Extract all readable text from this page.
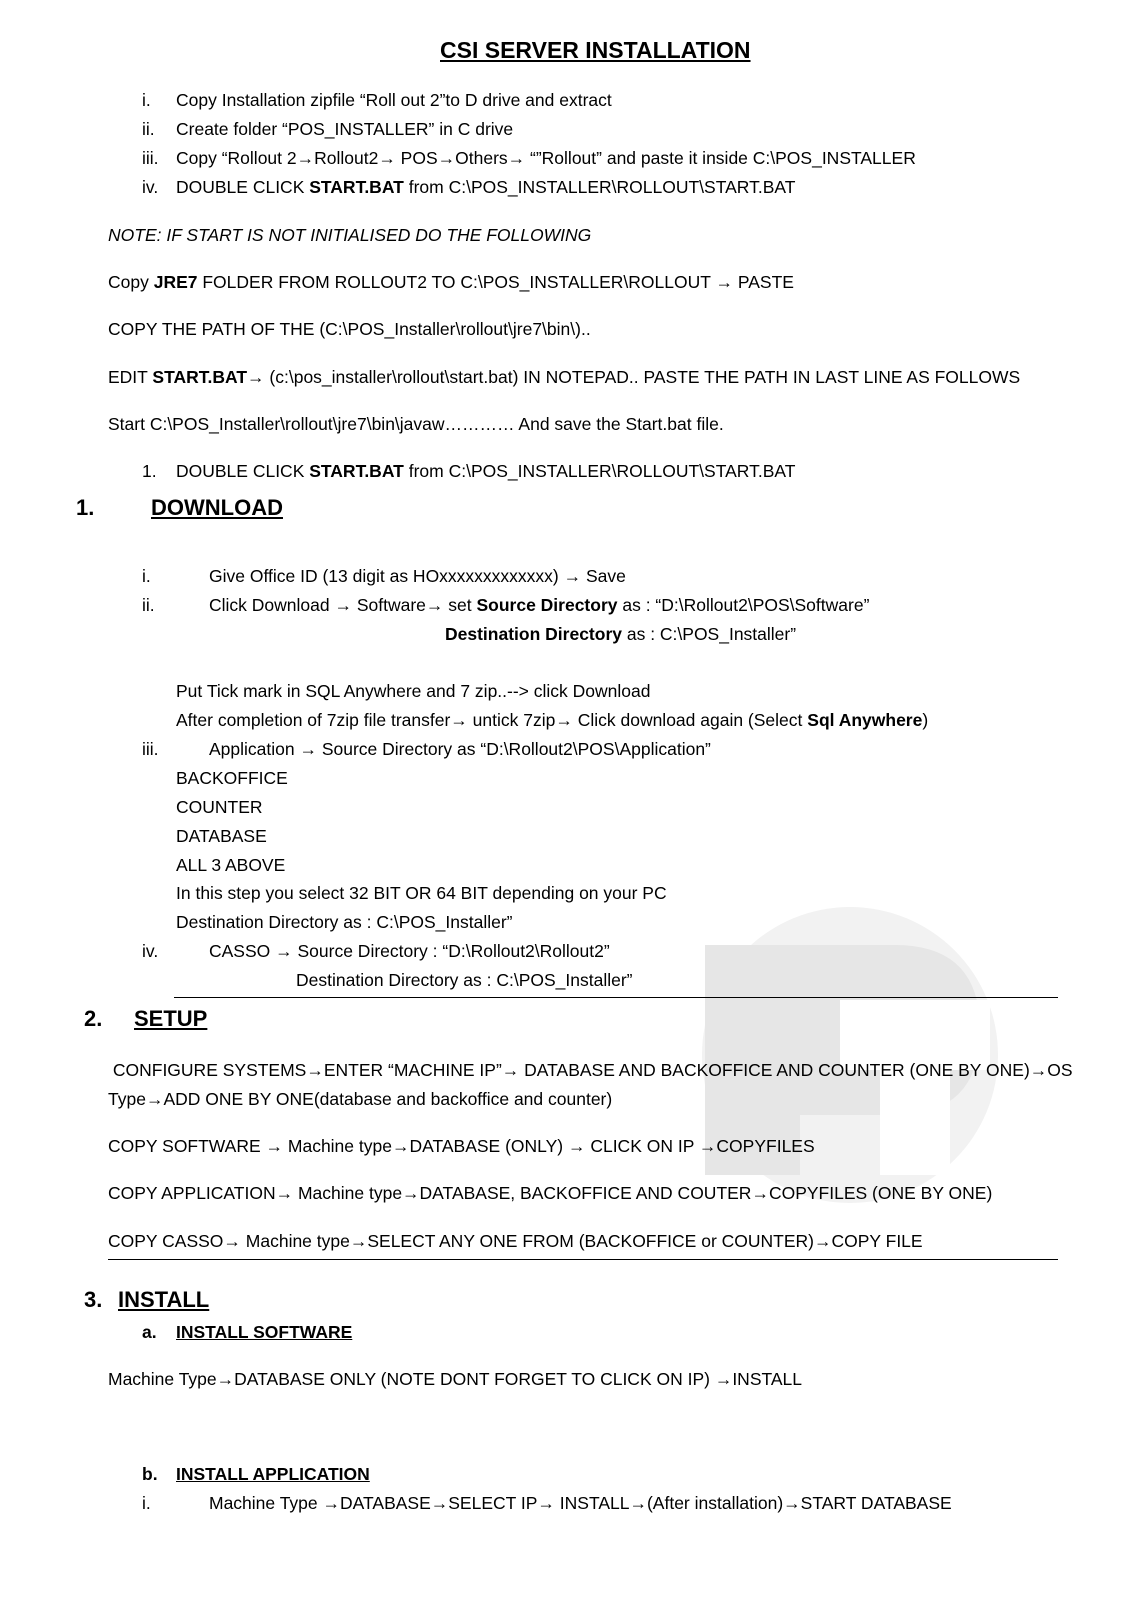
CSI SERVER INSTALLATION
i. Copy Installation zipfile “Roll out 2”to D drive and extract
ii. Create folder “POS_INSTALLER” in C drive
iii. Copy “Rollout 2→Rollout2→ POS→Others→ “”Rollout” and paste it inside C:\POS_INSTALLER
iv. DOUBLE CLICK START.BAT from C:\POS_INSTALLER\ROLLOUT\START.BAT
NOTE: IF START IS NOT INITIALISED DO THE FOLLOWING
Copy JRE7 FOLDER FROM ROLLOUT2 TO C:\POS_INSTALLER\ROLLOUT → PASTE
COPY THE PATH OF THE (C:\POS_Installer\rollout\jre7\bin\)..
EDIT START.BAT→ (c:\pos_installer\rollout\start.bat) IN NOTEPAD.. PASTE THE PATH IN LAST LINE AS FOLLOWS
Start C:\POS_Installer\rollout\jre7\bin\javaw………… And save the Start.bat file.
1. DOUBLE CLICK START.BAT from C:\POS_INSTALLER\ROLLOUT\START.BAT
1.	DOWNLOAD
i.	Give Office ID (13 digit as HOxxxxxxxxxxxxx) → Save
ii.	Click Download → Software→ set Source Directory as : “D:\Rollout2\POS\Software”
Destination Directory as : C:\POS_Installer”
Put Tick mark in SQL Anywhere and 7 zip..--> click Download
After completion of 7zip file transfer→ untick 7zip→ Click download again (Select Sql Anywhere)
iii.	Application → Source Directory as “D:\Rollout2\POS\Application”
BACKOFFICE
COUNTER
DATABASE
ALL 3 ABOVE
In this step you select 32 BIT OR 64 BIT depending on your PC
Destination Directory as : C:\POS_Installer”
iv.	CASSO → Source Directory : “D:\Rollout2\Rollout2”
Destination Directory as : C:\POS_Installer”
2. SETUP
CONFIGURE SYSTEMS→ENTER “MACHINE IP”→ DATABASE AND BACKOFFICE AND COUNTER (ONE BY ONE)→OS
Type→ADD ONE BY ONE(database and backoffice and counter)
COPY SOFTWARE → Machine type→DATABASE (ONLY) → CLICK ON IP →COPYFILES
COPY APPLICATION→ Machine type→DATABASE, BACKOFFICE AND COUTER→COPYFILES (ONE BY ONE)
COPY CASSO→ Machine type→SELECT ANY ONE FROM (BACKOFFICE or COUNTER)→COPY FILE
3. INSTALL
a. INSTALL SOFTWARE
Machine Type→DATABASE ONLY (NOTE DONT FORGET TO CLICK ON IP) →INSTALL
b. INSTALL APPLICATION
i.	Machine Type →DATABASE→SELECT IP→ INSTALL→(After installation)→START DATABASE
